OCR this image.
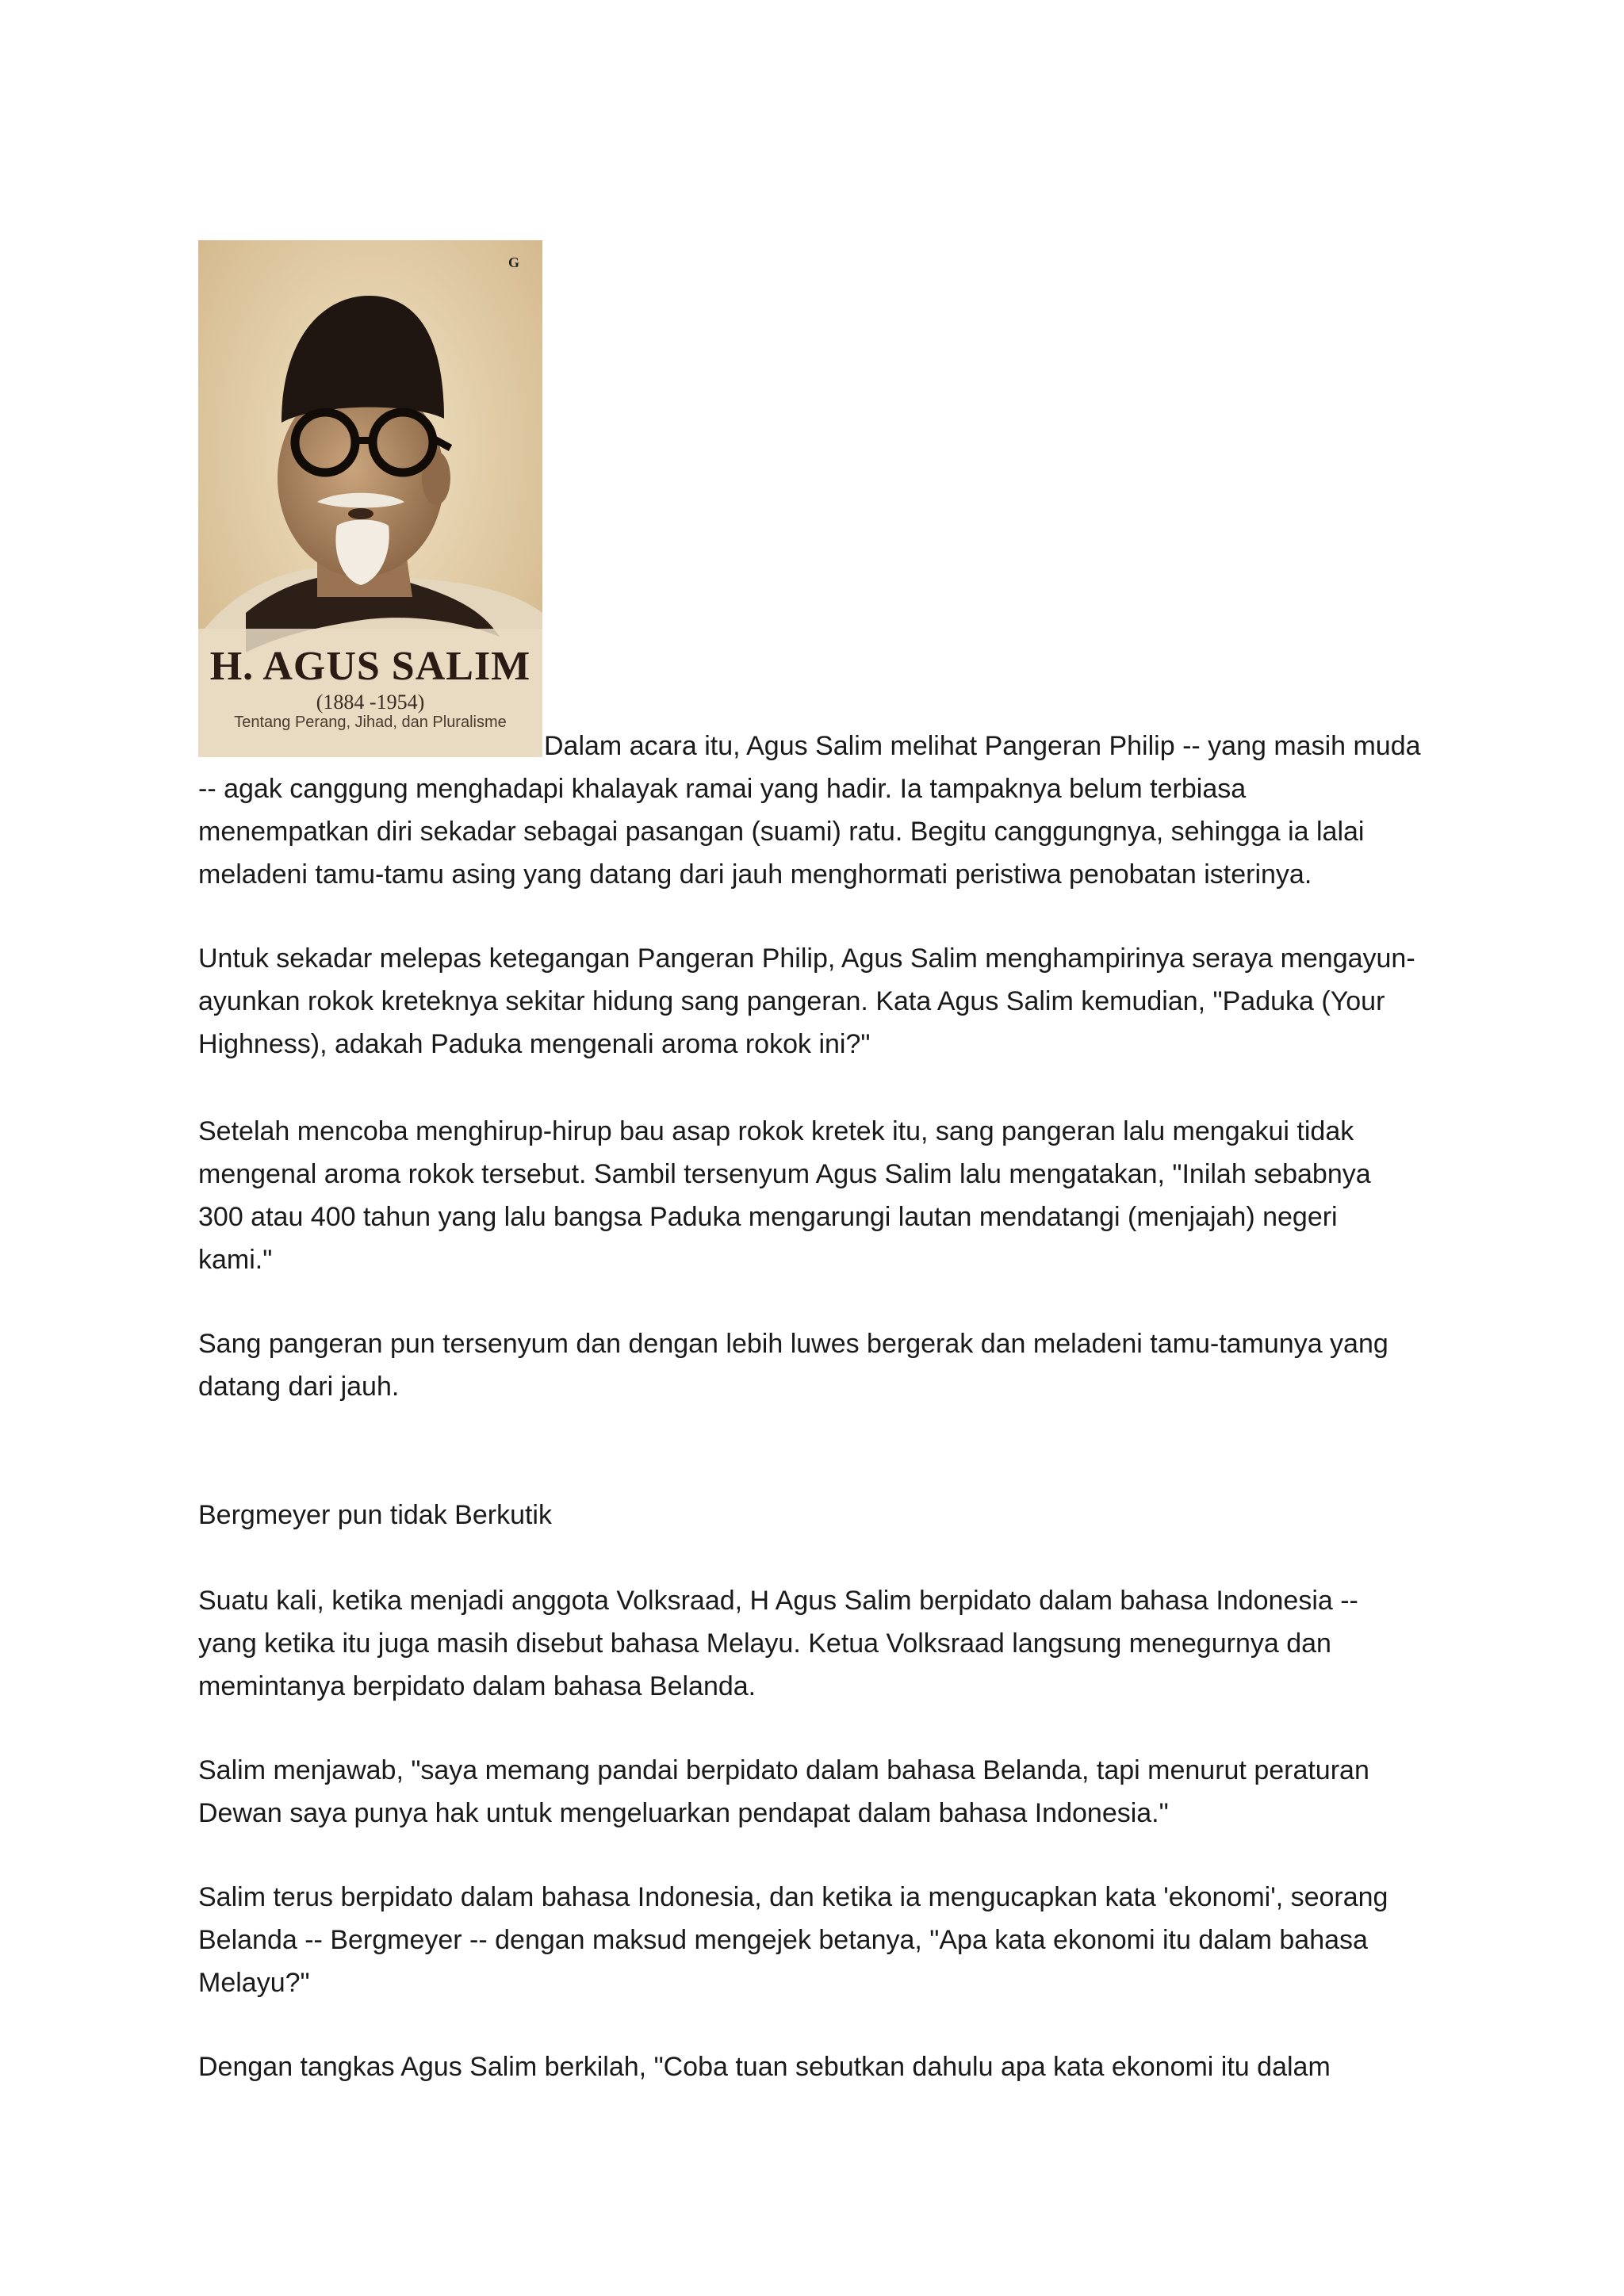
G
H. AGUS SALIM
(1884 -1954)
Tentang Perang, Jihad, dan Pluralisme
Dalam acara itu, Agus Salim melihat Pangeran Philip -- yang masih muda
-- agak canggung menghadapi khalayak ramai yang hadir. Ia tampaknya belum terbiasa
menempatkan diri sekadar sebagai pasangan (suami) ratu. Begitu canggungnya, sehingga ia lalai
meladeni tamu-tamu asing yang datang dari jauh menghormati peristiwa penobatan isterinya.
Untuk sekadar melepas ketegangan Pangeran Philip, Agus Salim menghampirinya seraya mengayun-
ayunkan rokok kreteknya sekitar hidung sang pangeran. Kata Agus Salim kemudian, "Paduka (Your
Highness), adakah Paduka mengenali aroma rokok ini?"
Setelah mencoba menghirup-hirup bau asap rokok kretek itu, sang pangeran lalu mengakui tidak
mengenal aroma rokok tersebut. Sambil tersenyum Agus Salim lalu mengatakan, "Inilah sebabnya
300 atau 400 tahun yang lalu bangsa Paduka mengarungi lautan mendatangi (menjajah) negeri
kami."
Sang pangeran pun tersenyum dan dengan lebih luwes bergerak dan meladeni tamu-tamunya yang
datang dari jauh.
Bergmeyer pun tidak Berkutik
Suatu kali, ketika menjadi anggota Volksraad, H Agus Salim berpidato dalam bahasa Indonesia --
yang ketika itu juga masih disebut bahasa Melayu. Ketua Volksraad langsung menegurnya dan
memintanya berpidato dalam bahasa Belanda.
Salim menjawab, "saya memang pandai berpidato dalam bahasa Belanda, tapi menurut peraturan
Dewan saya punya hak untuk mengeluarkan pendapat dalam bahasa Indonesia."
Salim terus berpidato dalam bahasa Indonesia, dan ketika ia mengucapkan kata 'ekonomi', seorang
Belanda -- Bergmeyer -- dengan maksud mengejek betanya, "Apa kata ekonomi itu dalam bahasa
Melayu?"
Dengan tangkas Agus Salim berkilah, "Coba tuan sebutkan dahulu apa kata ekonomi itu dalam
